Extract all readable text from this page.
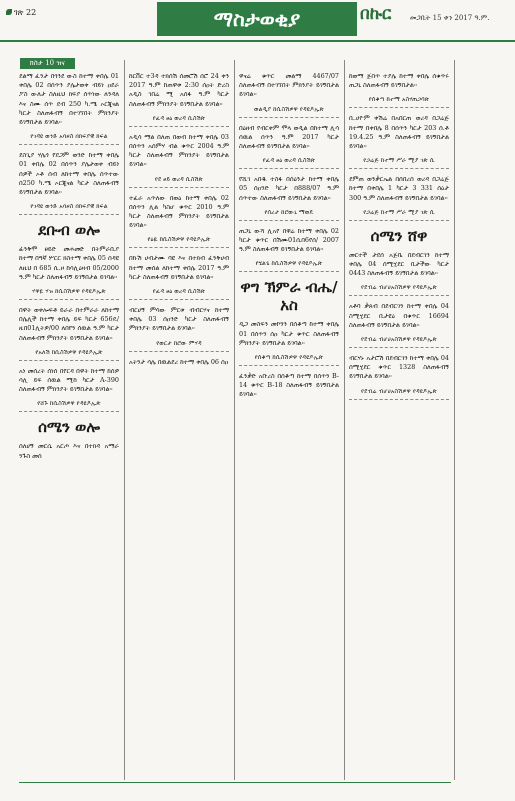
ገጽ 22	ማስታወቂያ	በኩር	መጋቢት 15 ቀን 2017 ዓ.ም.
ክስታ 10 ዝና
ደልማ ፈንታ በጎንደ ውስ ከተማ ቀበሌ 01 ቀበሌ 02 በሰጥን ያሌታወቀ ብይነ ዐደራ ፖስ ውለታ ስለዚህ ክፍያ ሰጥነው ለንዳለ እና ስሙ ሰጥ ደብ 250 ካ.ሜ ኦርጂናል ካርታ ስለጠፋብኝ በተገኘበት ምክንያት ይገኝበታል ይገባል።
የገዳዩ ወንድ አባዞስ በክፍያዊ ክፍል
ደስጊያ ሃሌጎ የደጋም ወንድ ከተማ ቀበሌ 01 ቀበሌ 02 በሰጥን ያሌታወቀ ብይነ ሰዎች ኦቶ ሰብ ለከተማ ቀበሌ ሰጥተው በ250 ካ.ሜ ኦርጂናል ካርታ ስለጠፋብኝ ይገኝበታል ይገባል።
የገዳዩ ወንድ አባዞስ በክፍያዊ ክፍል
ደቡብ ወሎ
ፊንቅሞ ፀይድ መሐመድ በትምራቢያ ከተማ በዓኛ ሦርር ክስተማ ቀበሌ 05 ሰዳዩ ለዚህ በ 685 ሲ.ዞ ከሳሊዕዛብ 05/2000 ዓ.ም ካርታ ስለጠፋብኝ ይገኝበታል ይገባል።
ሃዋዬ ሃዝ ከሲስሽዎዋ የዳዩዶኢጽ
በዋት ወቀሎፍቶ ይራራ በተምራራ ለከተማ በሌሊች ከተማ ቀበሌ ይፍ ካርታ 656ዴ/ዚበ01ሊትዎ/00 ለበየን ሰዉል ዓ.ም ካርታ ስለጠፋብኝ ምክንያት ይገኝበታል ይገባል።
የአለሽ ከሲስሽዎዋ የዳዩዶኢጽ
አነ መሰረት ሰነሰ በየርዳ በዋት ከተማ ከሰዎ ሳሊ ይፍ ሰዉል ሚከ ካርታ A-390 ስለጠፋብኝ ምክንያት ይገኝበታል ይገባል።
የሸጉ ከሲስሽዎዋ የዳዩዶኢጽ
ሰሜን ወሎ
ሰለሀኝ መርሴ አርጦ እና በተክዳ አማራ ንጉስ መሰ
ከርቨር ተ3ዳ ተክሰሽ ሰመሮሽ ሰሮ 24 ቀን 2017 ዓ.ም ከጠዋቱ 2:30 ሰዐት ድረስ አዲስ ገበሬ ሚ አሰፋ ዓ.ም ካርታ ስለጠፋብኝ ምክንያት ይገኝበታል ይገባል።
የፈዳ ፀዕ ወረዳ ሲስሽጽ
አዲሳ ማል በለጠ በወብ ከተማ ቀበሌ 03 በሰጥን አሰምሃ ብል ቁጥር 2004 ዓ.ም ካርታ ስለጠፋብኝ ምክንያት ይገኝበታል ይገባል።
የደ ፀይ ወረዳ ሲስሽጽ
ተፈራ አጥለው በወዕ ከተማ ቀበሌ 02 በሰጥን ሊል ካስሆ ቁጥር 2010 ዓ.ም ካርታ ስለጠፋብኝ ምክንያት ይገኝበታል ይገባል።
የዕዪ ከሲስሽዎዋ የዳዩዶኢጽ
በኩሽ ሀብታሙ ባዩ እና በተክብ ፈንቅሀብ ከተማ መሰል ለከተማ ቀበሌ 2017 ዓ.ም ካርታ ስለጠፋብኝ ይገኝበታል ይገባል።
የፈዳ ፀዕ ወረዳ ሲስሽጽ
ብርሀኝ ምሳው ምርቱ ብብርሃና ከተማ ቀበሌ 03 ሰዐንድ ካርታ ስለጠፋብኝ ምክንያት ይገኝበታል ይገባል።
የወርታ ከሮው ምሃዳ
አትንታ ሳሌ በዉልደረ ከተማ ቀበሌ 06 ሰዐ
ዋናሬ ቁጥር መልማ 4467/07 ስለጠፋብኝ በተገኘበት ምክንያት ይገኝበታል ይገባል።
ወልዲያ ከሲስሽዎዋ የዳዩዶኢጽ
በዕዘብ የብርቀም ሞላ ወዲል በከተማ ሊሳ ሰዉል ሰጥን ዓ.ም 2017 ካርታ ስለጠፋብኝ ይገኝበታል ይገባል።
የፈዳ ፀዕ ወረዳ ሲስሽጽ
የሺገ አበዱ ተስፋ በሰዕንታ ከተማ ቀበሌ 05 ሰዐንድ ካርታ በ888/07 ዓ.ም ሰጥተው ስለጠፋብኝ ይገኝበታል ይገባል።
የሰረታ ከሮውኒ ማወዴ
ጠጋኒ ውሻ ሊአየ በዋሬ ከተማ ቀበሌ 02 ካርታ ቁጥር በሽሙ01ሲበ6የሰ/ 2007 ዓ.ም ስለጠፋብኝ ይገኝበታል ይገባል።
የሄልጌ ከሲስሽዎዋ የዳዩዶኢጽ
ዋግ ኽምራ ብሔ/አስ
ዲጋ መስፍን መኮንን በሰቆጣ ከተማ ቀበሌ 01 በሰጥን ሰዐ ካርታ ቁጥር ስለጠፋብኝ ምክንያት ይገኝበታል ይገባል።
የሰቆጣ ከሲስሽዎዋ የዳዩዶኢጽ
ፈንቃድ አቡረስ በሰቆጣ ከተማ በሰጥን B-14 ቁጥር B-18 ስለጠፋብኝ ይገኝበታል ይገባል።
ከወማ ጅበጥ ተያሌ ከተማ ቀበሌ ሰቁጥሩ ጠጋኒ ስለጠፋብኝ ይገኝበታል።
የሰቆጣ ከተማ አስሃጠጋሳጽ
ቢ.ሀዮም ቀሽሬ በአበርጠ ወረዳ በጋሬጅ ከተማ በቀበሌ 8 በሰጥን ካርታ 203 ሰ.ቶ 19.4.25 ዓ.ም ስለጠፋብኝ ይገኝበታል ይገባል።
የጋሬጅ ከተማ ሥራ ሚያ ገጽ ሲ
ደምጠ ወንቃርኤል በሰበረሰ ወረዳ በጋሬጅ ከተማ በቀበሌ 1 ካርታ 3 331 ሰዕታ 300 ዓ.ም ስለጠፋብኝ ይገኝበታል ይገባል።
የጋሬጅ ከተማ ሥራ ሚያ ገጽ ሲ
ሰሜን ሸዋ
መርተች ታደሰ አጅቤ በደብርገን ከተማ ቀበሌ 04 ሰሚሂደር ቢታችው ካርታ 0443 ስለጠፋብኝ ይገኝበታል ይገባል።
የደብሬ ብሆሀአስሽዎዋ የዳዩዶኢጽ
አቶባ ቃጸብ በደብርገን ከተማ ቀበሌ 04 ስሚሂደር ቢታዩዕ በቁጥር 16694 ስለጠፋብኝ ይገኝበታል ይገባል።
የደብሬ ብሆሀአስሽዎዋ የዳዩዶኢጽ
ብርሃኑ አታሮሽ በደብርገን ከተማ ቀበሌ 04 ሰሚሂደር ቁጥር 1328 ስለጠፋብኝ ይገኝበታል ይገባል።
የደብሬ ብሆሀአስሽዎዋ የዳዩዶኢጽ
